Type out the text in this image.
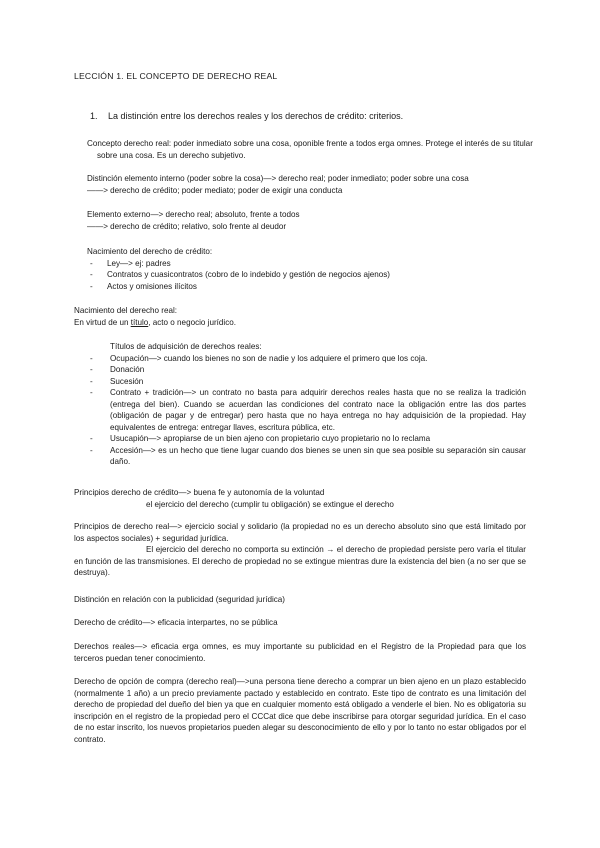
LECCIÓN 1. EL CONCEPTO DE DERECHO REAL
1. La distinción entre los derechos reales y los derechos de crédito: criterios.
Concepto derecho real: poder inmediato sobre una cosa, oponible frente a todos erga omnes. Protege el interés de su titular sobre una cosa. Es un derecho subjetivo.
Distinción elemento interno (poder sobre la cosa)—> derecho real; poder inmediato; poder sobre una cosa
——> derecho de crédito; poder mediato; poder de exigir una conducta
Elemento externo—> derecho real; absoluto, frente a todos
——> derecho de crédito; relativo, solo frente al deudor
Nacimiento del derecho de crédito:
- Ley—> ej: padres
- Contratos y cuasicontratos (cobro de lo indebido y gestión de negocios ajenos)
- Actos y omisiones ilícitos
Nacimiento del derecho real:
En virtud de un título, acto o negocio jurídico.
Títulos de adquisición de derechos reales:
- Ocupación—> cuando los bienes no son de nadie y los adquiere el primero que los coja.
- Donación
- Sucesión
- Contrato + tradición—> un contrato no basta para adquirir derechos reales hasta que no se realiza la tradición (entrega del bien). Cuando se acuerdan las condiciones del contrato nace la obligación entre las dos partes (obligación de pagar y de entregar) pero hasta que no haya entrega no hay adquisición de la propiedad. Hay equivalentes de entrega: entregar llaves, escritura pública, etc.
- Usucapión—> apropiarse de un bien ajeno con propietario cuyo propietario no lo reclama
- Accesión—> es un hecho que tiene lugar cuando dos bienes se unen sin que sea posible su separación sin causar daño.
Principios derecho de crédito—> buena fe y autonomía de la voluntad
el ejercicio del derecho (cumplir tu obligación) se extingue el derecho
Principios de derecho real—> ejercicio social y solidario (la propiedad no es un derecho absoluto sino que está limitado por los aspectos sociales) + seguridad jurídica.
El ejercicio del derecho no comporta su extinción → el derecho de propiedad persiste pero varía el titular en función de las transmisiones. El derecho de propiedad no se extingue mientras dure la existencia del bien (a no ser que se destruya).
Distinción en relación con la publicidad (seguridad jurídica)
Derecho de crédito—> eficacia interpartes, no se pública
Derechos reales—> eficacia erga omnes, es muy importante su publicidad en el Registro de la Propiedad para que los terceros puedan tener conocimiento.
Derecho de opción de compra (derecho real)—>una persona tiene derecho a comprar un bien ajeno en un plazo establecido (normalmente 1 año) a un precio previamente pactado y establecido en contrato. Este tipo de contrato es una limitación del derecho de propiedad del dueño del bien ya que en cualquier momento está obligado a venderle el bien. No es obligatoria su inscripción en el registro de la propiedad pero el CCCat dice que debe inscribirse para otorgar seguridad jurídica. En el caso de no estar inscrito, los nuevos propietarios pueden alegar su desconocimiento de ello y por lo tanto no estar obligados por el contrato.
